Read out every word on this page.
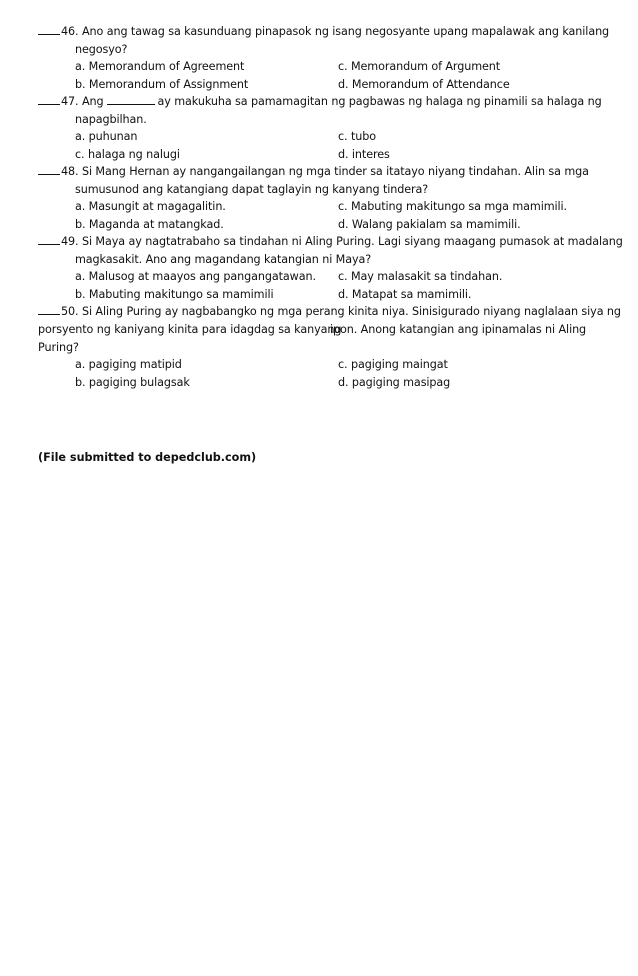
46. Ano ang tawag sa kasunduang pinapasok ng isang negosyante upang mapalawak ang kanilang
negosyo?
a. Memorandum of Agreement	c. Memorandum of Argument
b. Memorandum of Assignment	d. Memorandum of Attendance
47. Ang	ay makukuha sa pamamagitan ng pagbawas ng halaga ng pinamili sa halaga ng
napagbilhan.
a. puhunan	c. tubo
c. halaga ng nalugi	d. interes
48. Si Mang Hernan ay nangangailangan ng mga tinder sa itatayo niyang tindahan. Alin sa mga
sumusunod ang katangiang dapat taglayin ng kanyang tindera?
a. Masungit at magagalitin.	c. Mabuting makitungo sa mga mamimili.
b. Maganda at matangkad.	d. Walang pakialam sa mamimili.
49. Si Maya ay nagtatrabaho sa tindahan ni Aling Puring. Lagi siyang maagang pumasok at madalang
magkasakit. Ano ang magandang katangian ni Maya?
a. Malusog at maayos ang pangangatawan. c. May malasakit sa tindahan.
b. Mabuting makitungo sa mamimili	d. Matapat sa mamimili.
50. Si Aling Puring ay nagbabangko ng mga perang kinita niya. Sinisigurado niyang naglalaan siya ng
porsyento ng kaniyang kinita para idagdag sa kanyang
ipon. Anong katangian ang ipinamalas ni Aling
Puring?
a. pagiging matipid	c. pagiging maingat
b. pagiging bulagsak	d. pagiging masipag
(File submitted to depedclub.com)
